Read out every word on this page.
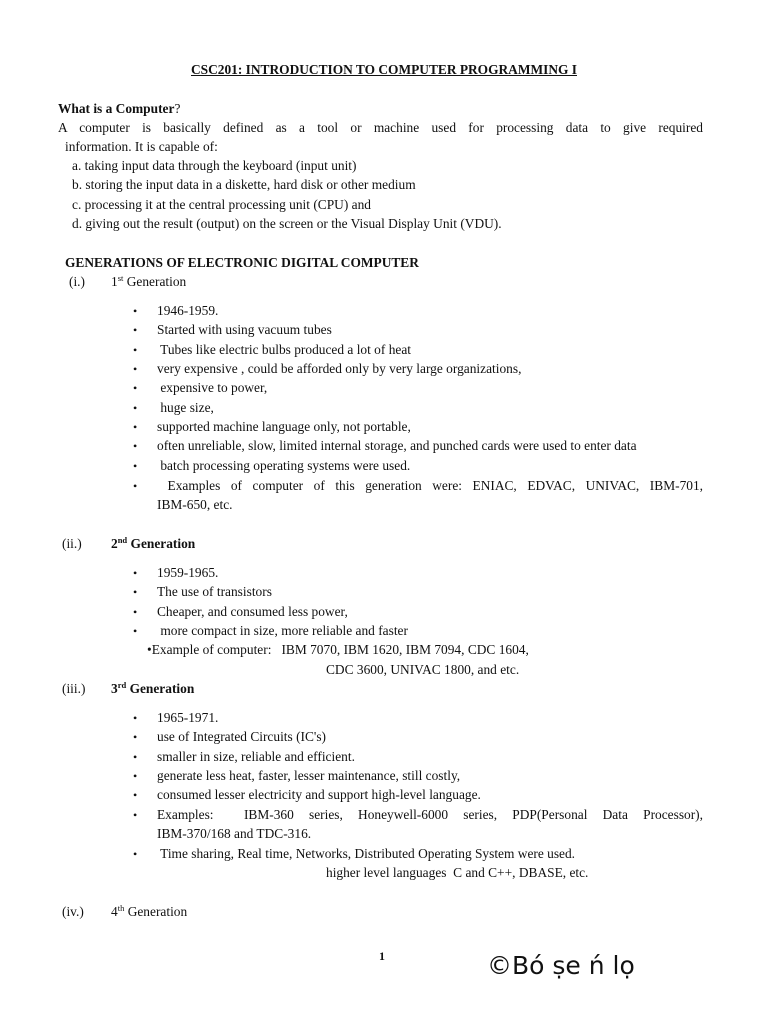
CSC201: INTRODUCTION TO COMPUTER PROGRAMMING I
What is a Computer?
A computer is basically defined as a tool or machine used for processing data to give required
information. It is capable of:
a. taking input data through the keyboard (input unit)
b. storing the input data in a diskette, hard disk or other medium
c. processing it at the central processing unit (CPU) and
d. giving out the result (output) on the screen or the Visual Display Unit (VDU).
GENERATIONS OF ELECTRONIC DIGITAL COMPUTER
(i.) 1st Generation
• 1946-1959.
• Started with using vacuum tubes
• Tubes like electric bulbs produced a lot of heat
• very expensive , could be afforded only by very large organizations,
• expensive to power,
• huge size,
• supported machine language only, not portable,
• often unreliable, slow, limited internal storage, and punched cards were used to enter data
• batch processing operating systems were used.
• Examples of computer of this generation were: ENIAC, EDVAC, UNIVAC, IBM-701,
IBM-650, etc.
(ii.) 2nd Generation
• 1959-1965.
• The use of transistors
• Cheaper, and consumed less power,
• more compact in size, more reliable and faster
•Example of computer:   IBM 7070, IBM 1620, IBM 7094, CDC 1604,
CDC 3600, UNIVAC 1800, and etc.
(iii.) 3rd Generation
• 1965-1971.
• use of Integrated Circuits (IC's)
• smaller in size, reliable and efficient.
• generate less heat, faster, lesser maintenance, still costly,
• consumed lesser electricity and support high-level language.
• Examples:  IBM-360 series, Honeywell-6000 series, PDP(Personal Data Processor),
IBM-370/168 and TDC-316.
• Time sharing, Real time, Networks, Distributed Operating System were used.
higher level languages  C and C++, DBASE, etc.
(iv.) 4th Generation
1	©Bó ṣe ń lọ
